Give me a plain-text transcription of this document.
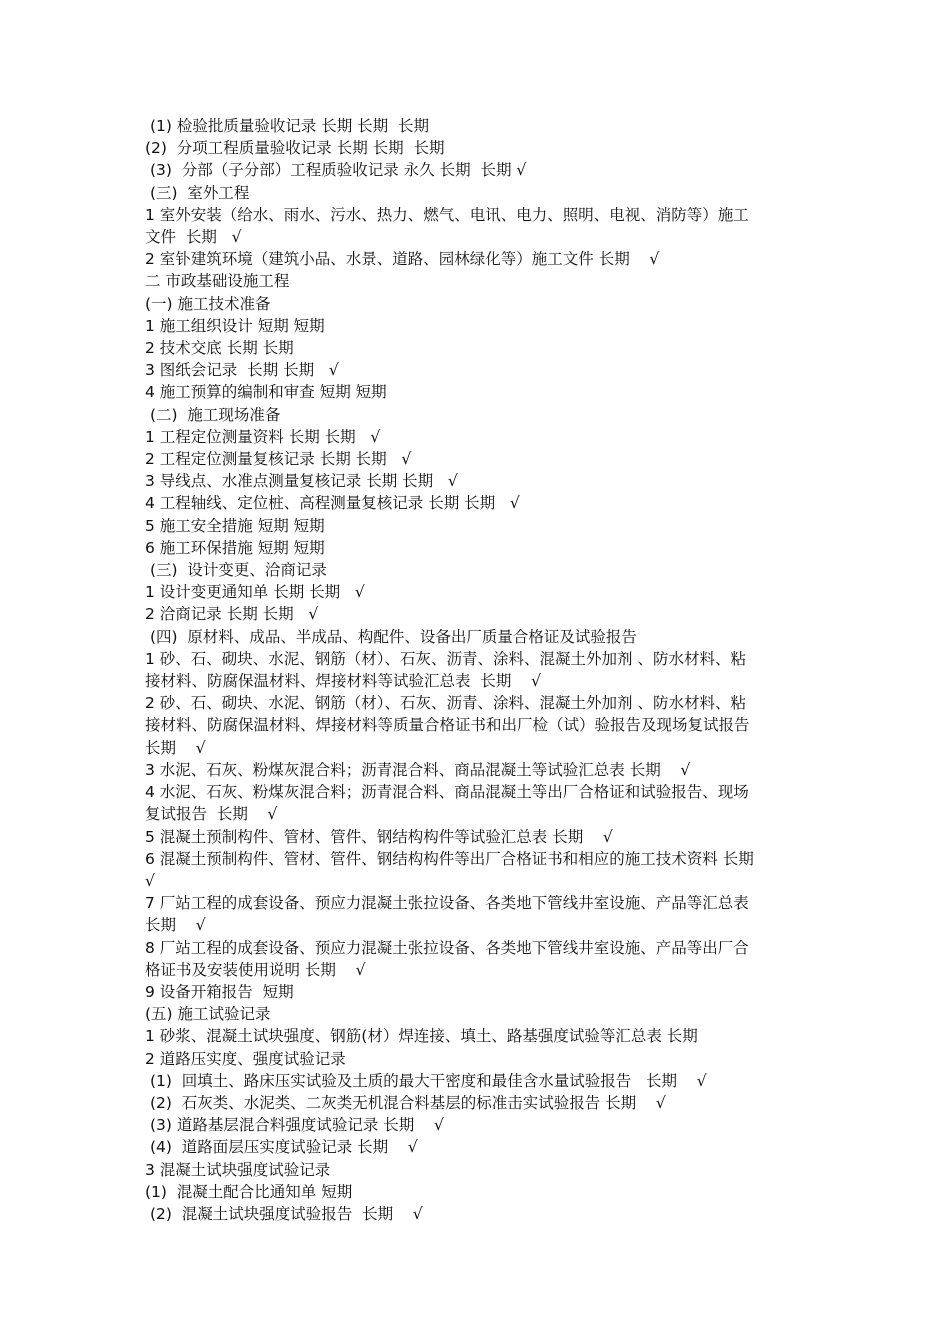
(1) 检验批质量验收记录 长期 长期  长期

(2)  分项工程质量验收记录 长期 长期  长期

(3)  分部（子分部）工程质验收记录 永久 长期  长期 √

(三)  室外工程

1 室外安装（给水、雨水、污水、热力、燃气、电讯、电力、照明、电视、消防等）施工

文件  长期   √

2 室钋建筑环境（建筑小品、水景、道路、园林绿化等）施工文件 长期    √

二 市政基础设施工程

(一) 施工技术准备

1 施工组织设计 短期 短期

2 技术交底 长期 长期

3 图纸会记录  长期 长期   √

4 施工预算的编制和审查 短期 短期

(二)  施工现场准备

1 工程定位测量资料 长期 长期   √

2 工程定位测量复核记录 长期 长期   √

3 导线点、水准点测量复核记录 长期 长期   √

4 工程轴线、定位桩、高程测量复核记录 长期 长期   √

5 施工安全措施 短期 短期

6 施工环保措施 短期 短期

(三)  设计变更、洽商记录

1 设计变更通知单 长期 长期   √

2 洽商记录 长期 长期   √

(四)  原材料、成品、半成品、构配件、设备出厂质量合格证及试验报告

1 砂、石、砌块、水泥、钢筋（材）、石灰、沥青、涂料、混凝土外加剂 、防水材料、粘

接材料、防腐保温材料、焊接材料等试验汇总表  长期    √

2 砂、石、砌块、水泥、钢筋（材）、石灰、沥青、涂料、混凝土外加剂 、防水材料、粘

接材料、防腐保温材料、焊接材料等质量合格证书和出厂检（试）验报告及现场复试报告

长期    √

3 水泥、石灰、粉煤灰混合料；沥青混合料、商品混凝土等试验汇总表 长期    √

4 水泥、石灰、粉煤灰混合料；沥青混合料、商品混凝土等出厂合格证和试验报告、现场

复试报告  长期    √

5 混凝土预制构件、管材、管件、钢结构构件等试验汇总表 长期    √

6 混凝土预制构件、管材、管件、钢结构构件等出厂合格证书和相应的施工技术资料 长期

√

7 厂站工程的成套设备、预应力混凝土张拉设备、各类地下管线井室设施、产品等汇总表

长期    √

8 厂站工程的成套设备、预应力混凝土张拉设备、各类地下管线井室设施、产品等出厂合

格证书及安装使用说明 长期    √

9 设备开箱报告  短期

(五) 施工试验记录

1 砂浆、混凝土试块强度、钢筋(材）焊连接、填土、路基强度试验等汇总表 长期

2 道路压实度、强度试验记录

(1)  回填土、路床压实试验及土质的最大干密度和最佳含水量试验报告   长期    √

(2)  石灰类、水泥类、二灰类无机混合料基层的标准击实试验报告 长期    √

(3) 道路基层混合料强度试验记录 长期    √

(4)  道路面层压实度试验记录 长期    √

3 混凝土试块强度试验记录

(1)  混凝土配合比通知单 短期

(2)  混凝土试块强度试验报告  长期    √
